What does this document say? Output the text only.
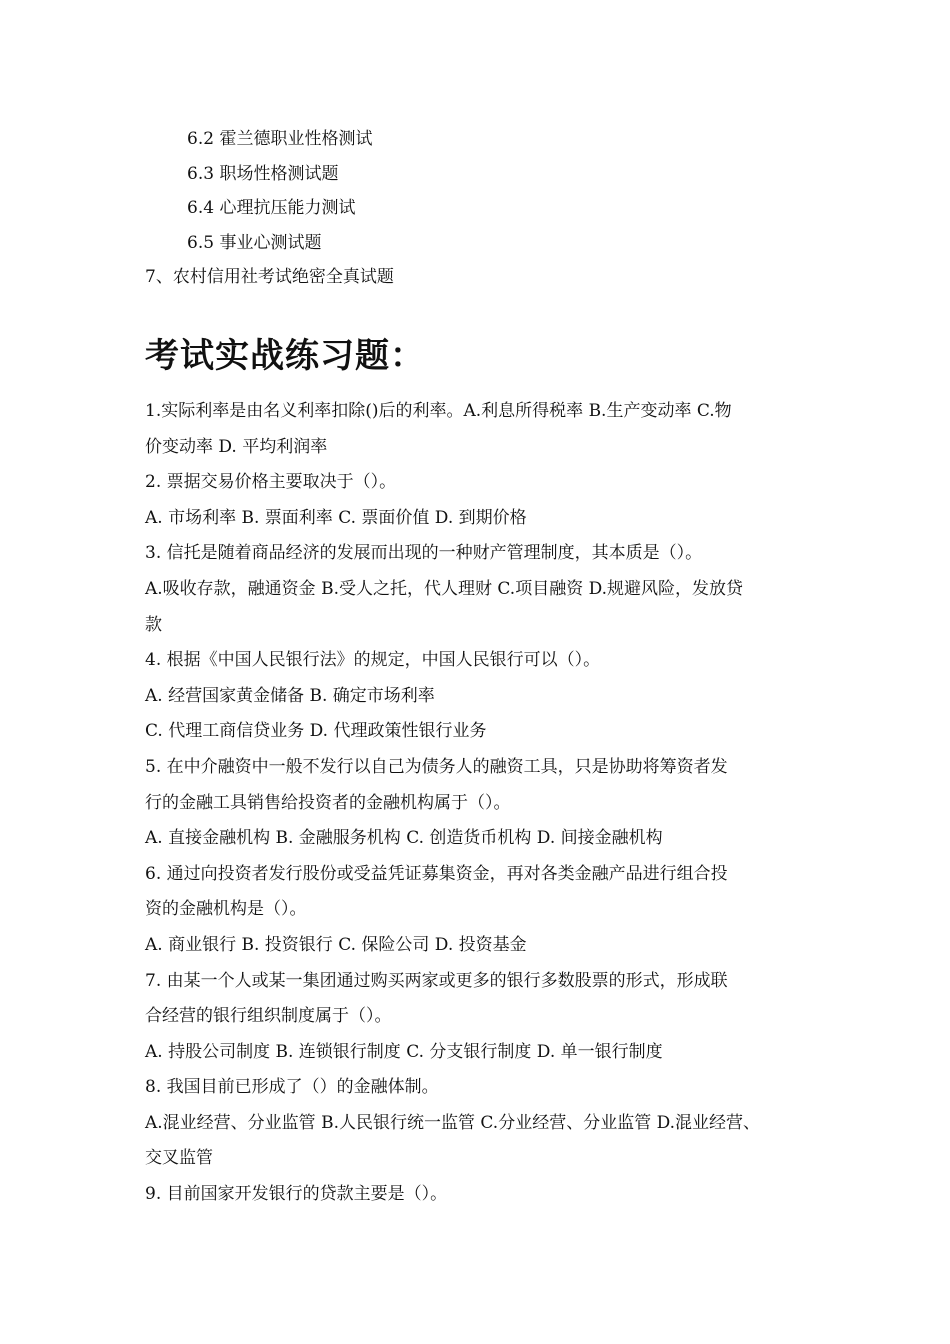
6.2 霍兰德职业性格测试
6.3 职场性格测试题
6.4 心理抗压能力测试
6.5 事业心测试题
7、农村信用社考试绝密全真试题
考试实战练习题：
1.实际利率是由名义利率扣除()后的利率。A.利息所得税率 B.生产变动率 C.物
价变动率 D. 平均利润率
2. 票据交易价格主要取决于（）。
A. 市场利率 B. 票面利率 C. 票面价值 D. 到期价格
3. 信托是随着商品经济的发展而出现的一种财产管理制度，其本质是（）。
A.吸收存款，融通资金 B.受人之托，代人理财 C.项目融资 D.规避风险，发放贷
款
4. 根据《中国人民银行法》的规定，中国人民银行可以（）。
A. 经营国家黄金储备 B. 确定市场利率
C. 代理工商信贷业务 D. 代理政策性银行业务
5. 在中介融资中一般不发行以自己为债务人的融资工具，只是协助将筹资者发
行的金融工具销售给投资者的金融机构属于（）。
A. 直接金融机构 B. 金融服务机构 C. 创造货币机构 D. 间接金融机构
6. 通过向投资者发行股份或受益凭证募集资金，再对各类金融产品进行组合投
资的金融机构是（）。
A. 商业银行 B. 投资银行 C. 保险公司 D. 投资基金
7. 由某一个人或某一集团通过购买两家或更多的银行多数股票的形式，形成联
合经营的银行组织制度属于（）。
A. 持股公司制度 B. 连锁银行制度 C. 分支银行制度 D. 单一银行制度
8. 我国目前已形成了（）的金融体制。
A.混业经营、分业监管 B.人民银行统一监管 C.分业经营、分业监管 D.混业经营、
交叉监管
9. 目前国家开发银行的贷款主要是（）。
